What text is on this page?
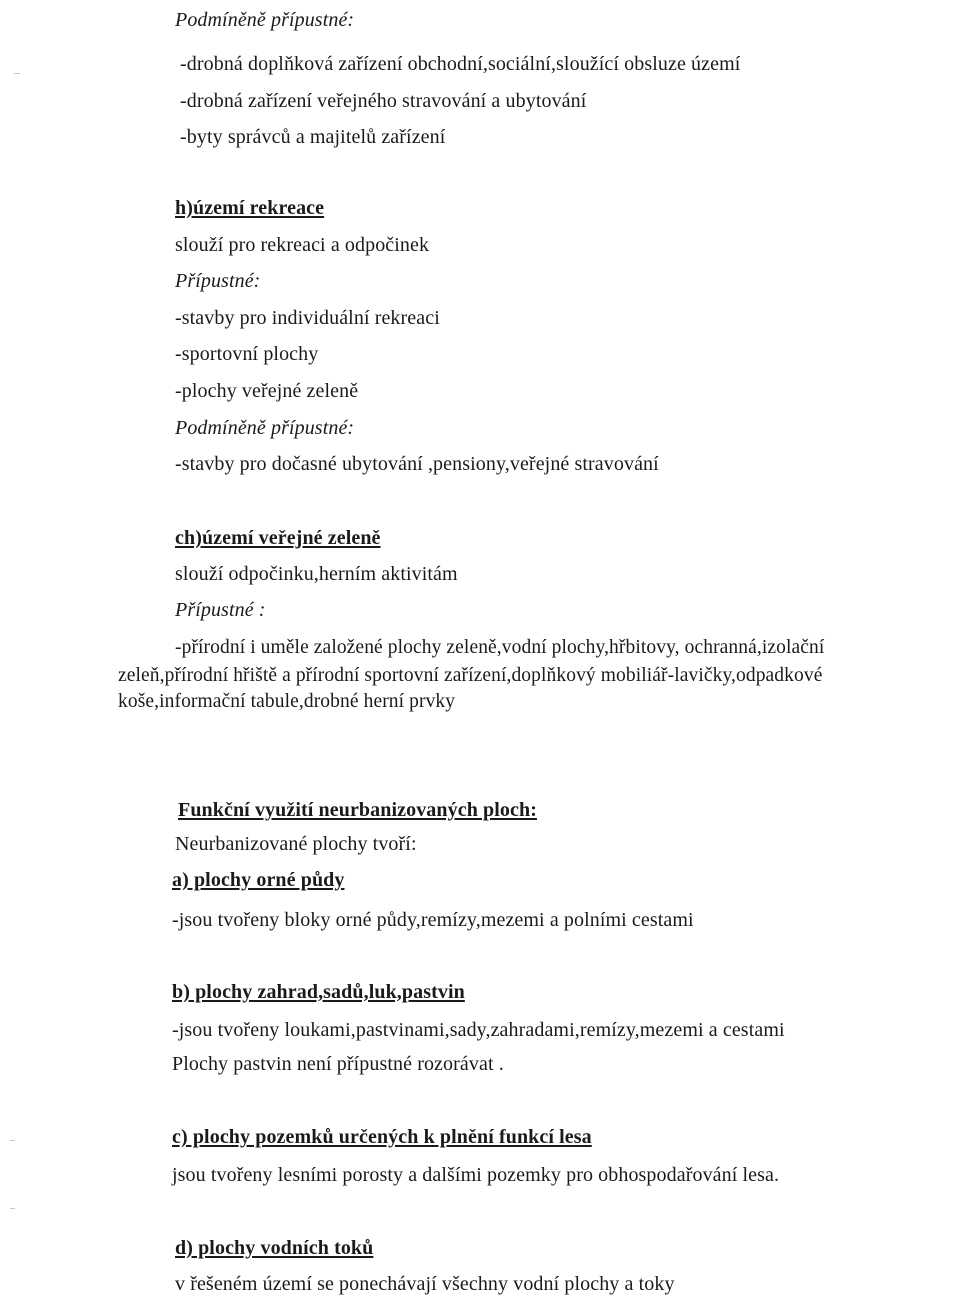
Podmíněně přípustné:
-drobná doplňková zařízení obchodní,sociální,sloužící obsluze území
-drobná zařízení veřejného stravování a ubytování
-byty správců a majitelů zařízení
h)území rekreace
slouží pro rekreaci a odpočinek
Přípustné:
-stavby pro individuální rekreaci
-sportovní plochy
-plochy veřejné zeleně
Podmíněně přípustné:
-stavby pro dočasné ubytování ,pensiony,veřejné stravování
ch)území veřejné zeleně
slouží odpočinku,herním aktivitám
Přípustné :
-přírodní i uměle založené plochy zeleně,vodní plochy,hřbitovy, ochranná,izolační
zeleň,přírodní hřiště a přírodní sportovní zařízení,doplňkový mobiliář-lavičky,odpadkové
koše,informační tabule,drobné herní prvky
Funkční využití neurbanizovaných ploch:
Neurbanizované plochy tvoří:
a) plochy orné půdy
-jsou tvořeny bloky orné půdy,remízy,mezemi a polními cestami
b) plochy zahrad,sadů,luk,pastvin
-jsou tvořeny loukami,pastvinami,sady,zahradami,remízy,mezemi a cestami
Plochy pastvin není přípustné rozorávat .
c) plochy pozemků určených k plnění funkcí lesa
jsou tvořeny lesními porosty a dalšími pozemky pro obhospodařování lesa.
d) plochy vodních toků
v řešeném území se ponechávají všechny vodní plochy a toky
